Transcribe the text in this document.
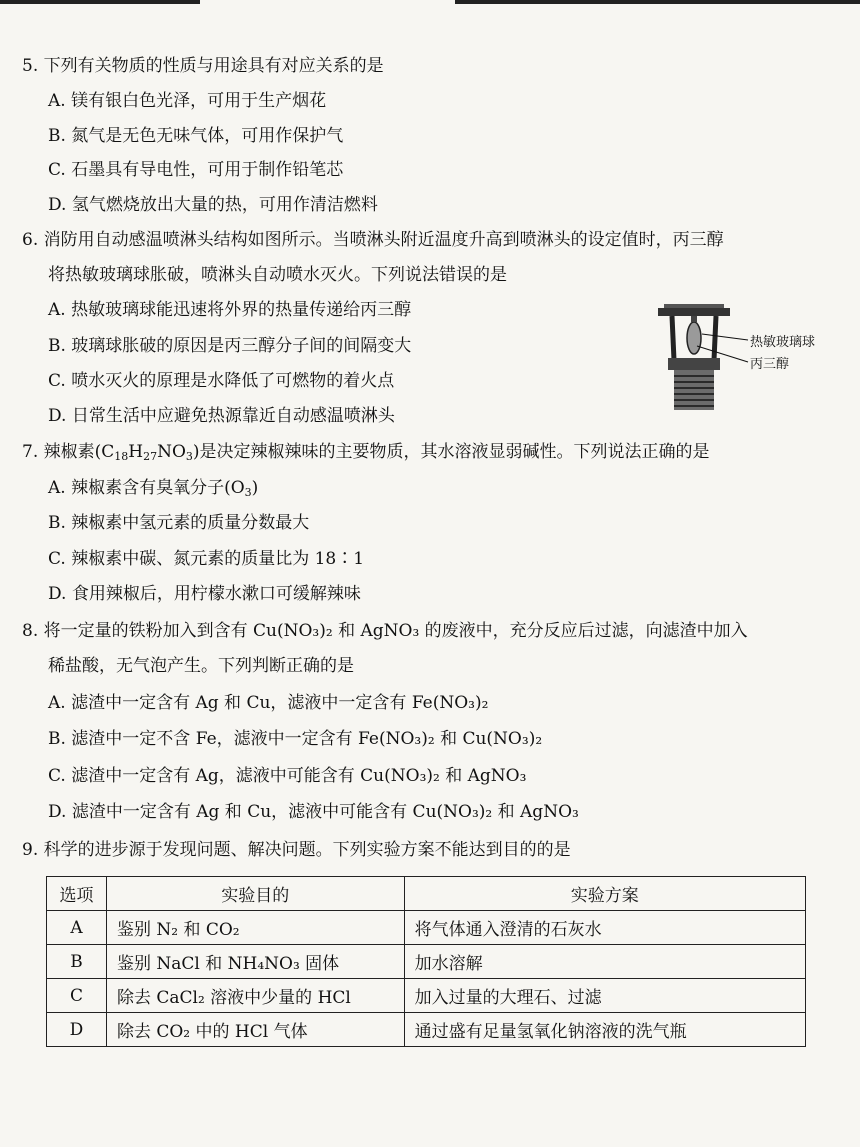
5. 下列有关物质的性质与用途具有对应关系的是
A. 镁有银白色光泽，可用于生产烟花
B. 氮气是无色无味气体，可用作保护气
C. 石墨具有导电性，可用于制作铅笔芯
D. 氢气燃烧放出大量的热，可用作清洁燃料
6. 消防用自动感温喷淋头结构如图所示。当喷淋头附近温度升高到喷淋头的设定值时，丙三醇
将热敏玻璃球胀破，喷淋头自动喷水灭火。下列说法错误的是
A. 热敏玻璃球能迅速将外界的热量传递给丙三醇
B. 玻璃球胀破的原因是丙三醇分子间的间隔变大
C. 喷水灭火的原理是水降低了可燃物的着火点
D. 日常生活中应避免热源靠近自动感温喷淋头
热敏玻璃球
丙三醇
7. 辣椒素$(C_{18}H_{27}NO_3)$是决定辣椒辣味的主要物质，其水溶液显弱碱性。下列说法正确的是
A. 辣椒素含有臭氧分子$(O_3)$
B. 辣椒素中氢元素的质量分数最大
C. 辣椒素中碳、氮元素的质量比为 18∶1
D. 食用辣椒后，用柠檬水漱口可缓解辣味
8. 将一定量的铁粉加入到含有 Cu(NO₃)₂ 和 AgNO₃ 的废液中，充分反应后过滤，向滤渣中加入
稀盐酸，无气泡产生。下列判断正确的是
A. 滤渣中一定含有 Ag 和 Cu，滤液中一定含有 Fe(NO₃)₂
B. 滤渣中一定不含 Fe，滤液中一定含有 Fe(NO₃)₂ 和 Cu(NO₃)₂
C. 滤渣中一定含有 Ag，滤液中可能含有 Cu(NO₃)₂ 和 AgNO₃
D. 滤渣中一定含有 Ag 和 Cu，滤液中可能含有 Cu(NO₃)₂ 和 AgNO₃
9. 科学的进步源于发现问题、解决问题。下列实验方案不能达到目的的是
选项	实验目的	实验方案
A	鉴别 N₂ 和 CO₂	将气体通入澄清的石灰水
B	鉴别 NaCl 和 NH₄NO₃ 固体	加水溶解
C	除去 CaCl₂ 溶液中少量的 HCl	加入过量的大理石、过滤
D	除去 CO₂ 中的 HCl 气体	通过盛有足量氢氧化钠溶液的洗气瓶
